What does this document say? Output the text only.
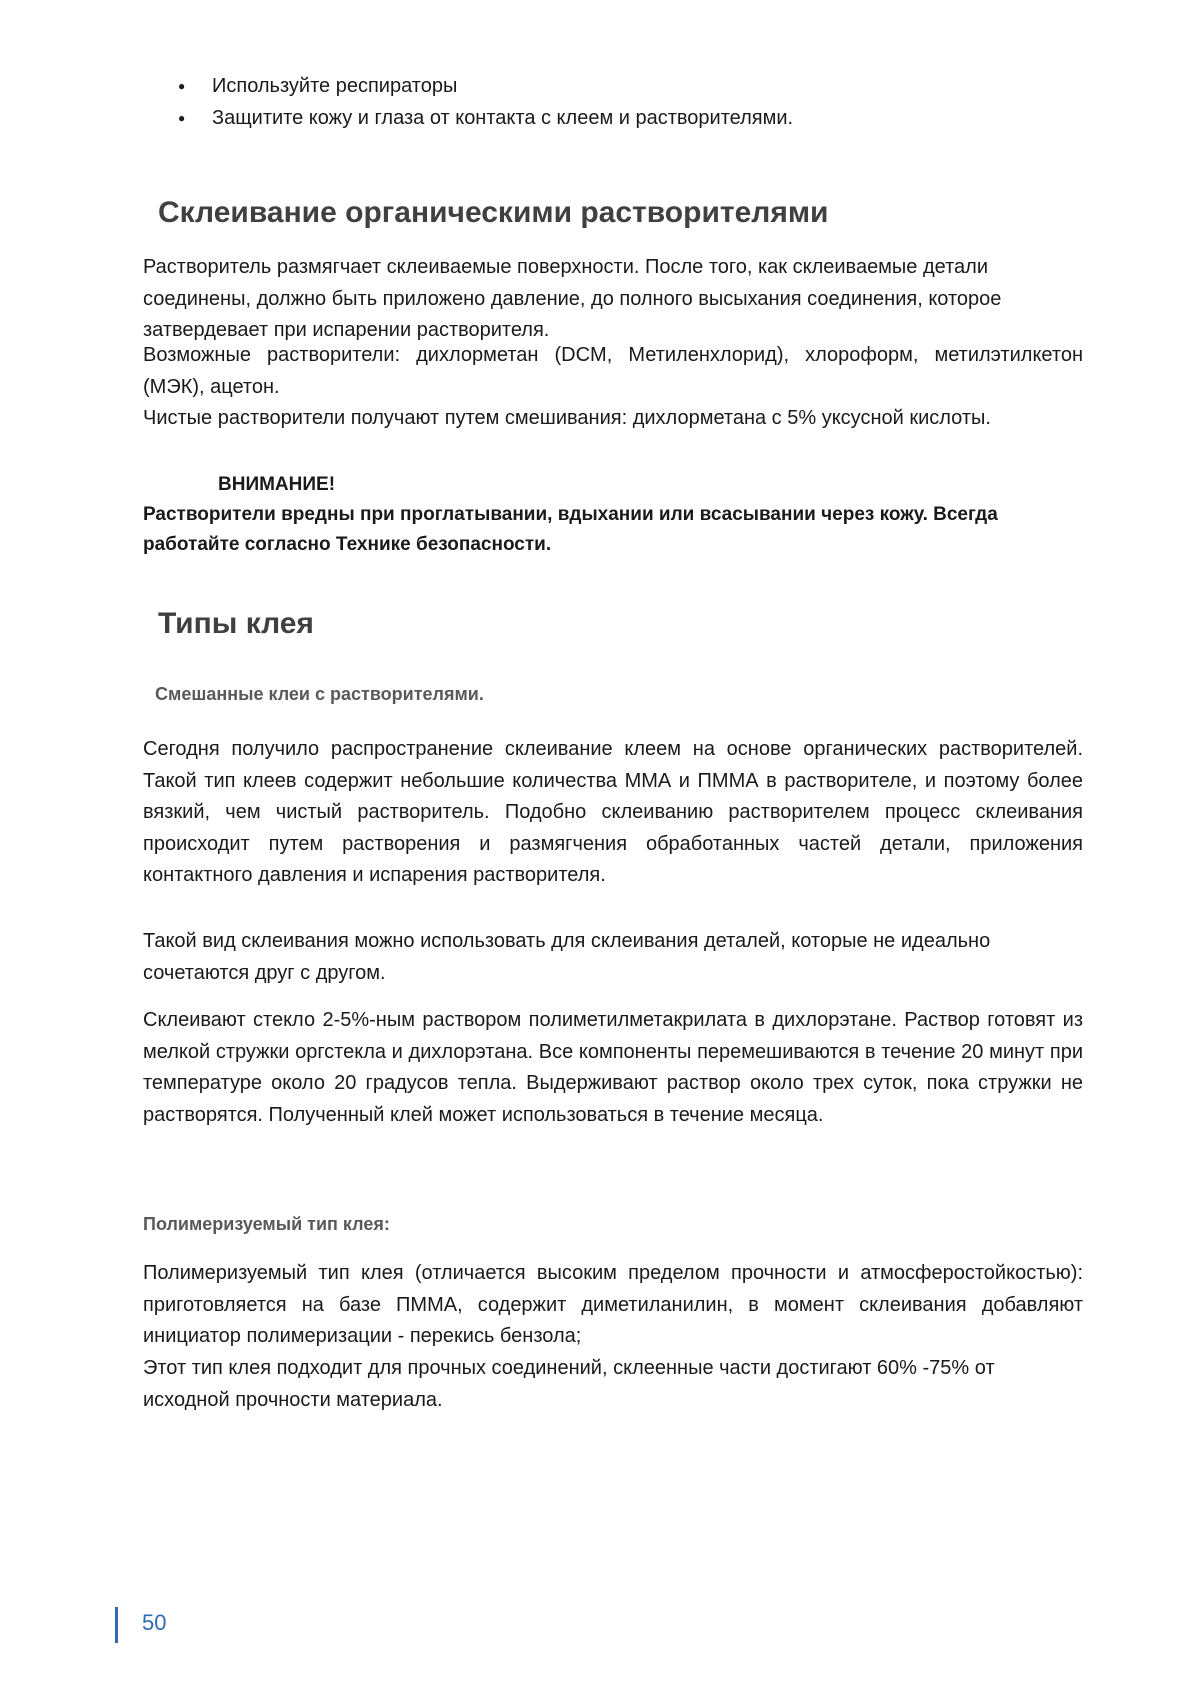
● Используйте респираторы
● Защитите кожу и глаза от контакта с клеем и растворителями.
Склеивание органическими растворителями

Растворитель размягчает склеиваемые поверхности. После того, как склеиваемые детали соединены, должно быть приложено давление, до полного высыхания соединения, которое затвердевает при испарении растворителя.

Возможные растворители: дихлорметан (DCM, Метиленхлорид), хлороформ, метилэтилкетон (МЭК), ацетон.

Чистые растворители получают путем смешивания: дихлорметана с 5% уксусной кислоты.

ВНИМАНИЕ!

Растворители вредны при проглатывании, вдыхании или всасывании через кожу. Всегда работайте согласно Технике безопасности.

Типы клея
Смешанные клеи с растворителями.

Сегодня получило распространение склеивание клеем на основе органических растворителей. Такой тип клеев содержит небольшие количества ММА и ПММА в растворителе, и поэтому более вязкий, чем чистый растворитель. Подобно склеиванию растворителем процесс склеивания происходит путем растворения и размягчения обработанных частей детали, приложения контактного давления и испарения растворителя.

Такой вид склеивания можно использовать для склеивания деталей, которые не идеально сочетаются друг с другом.

Склеивают стекло 2-5%-ным раствором полиметилметакрилата в дихлорэтане. Раствор готовят из мелкой стружки оргстекла и дихлорэтана. Все компоненты перемешиваются в течение 20 минут при температуре около 20 градусов тепла. Выдерживают раствор около трех суток, пока стружки не растворятся. Полученный клей может использоваться в течение месяца.

Полимеризуемый тип клея:

Полимеризуемый тип клея (отличается высоким пределом прочности и атмосферостойкостью): приготовляется на базе ПММА, содержит диметиланилин, в момент склеивания добавляют инициатор полимеризации - перекись бензола;

Этот тип клея подходит для прочных соединений, склеенные части достигают 60% -75% от исходной прочности материала.

50
